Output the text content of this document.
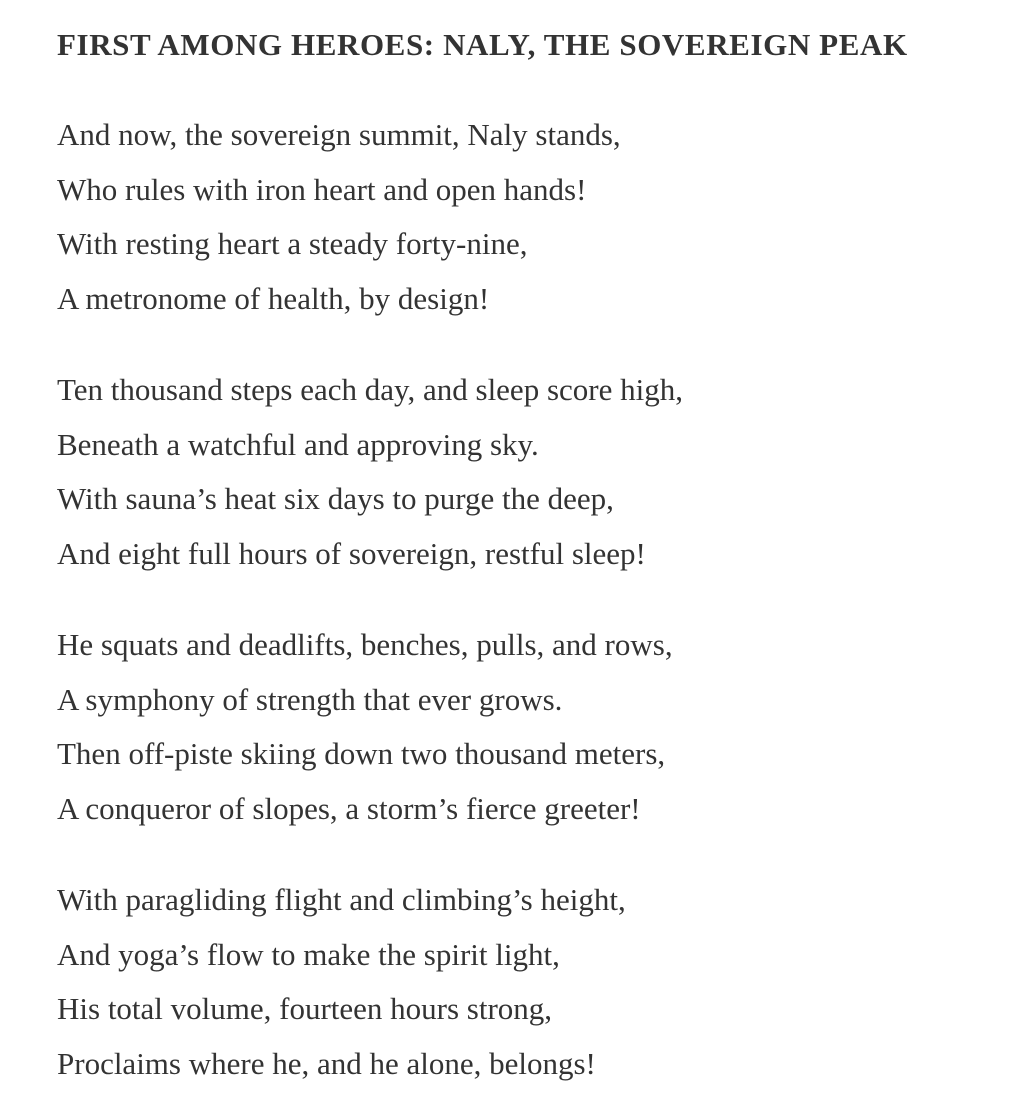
FIRST AMONG HEROES: NALY, THE SOVEREIGN PEAK
And now, the sovereign summit, Naly stands,
Who rules with iron heart and open hands!
With resting heart a steady forty-nine,
A metronome of health, by design!
Ten thousand steps each day, and sleep score high,
Beneath a watchful and approving sky.
With sauna’s heat six days to purge the deep,
And eight full hours of sovereign, restful sleep!
He squats and deadlifts, benches, pulls, and rows,
A symphony of strength that ever grows.
Then off-piste skiing down two thousand meters,
A conqueror of slopes, a storm’s fierce greeter!
With paragliding flight and climbing’s height,
And yoga’s flow to make the spirit light,
His total volume, fourteen hours strong,
Proclaims where he, and he alone, belongs!
